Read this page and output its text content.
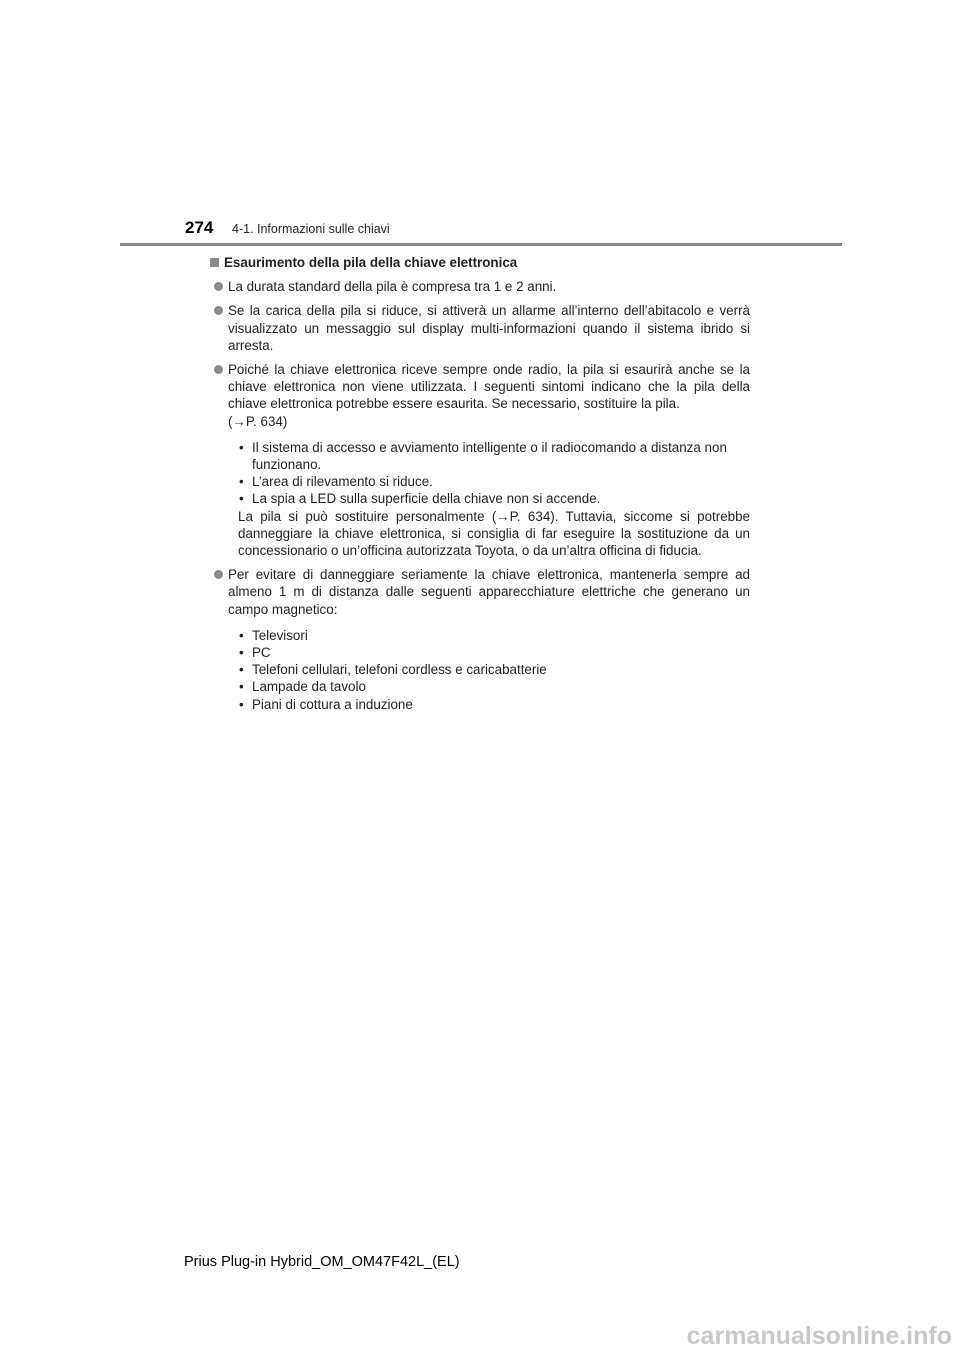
274 4-1. Informazioni sulle chiavi
Esaurimento della pila della chiave elettronica
La durata standard della pila è compresa tra 1 e 2 anni.
Se la carica della pila si riduce, si attiverà un allarme all’interno dell’abitacolo e verrà visualizzato un messaggio sul display multi-informazioni quando il sistema ibrido si arresta.
Poiché la chiave elettronica riceve sempre onde radio, la pila si esaurirà anche se la chiave elettronica non viene utilizzata. I seguenti sintomi indicano che la pila della chiave elettronica potrebbe essere esaurita. Se necessario, sostituire la pila.
(→P. 634)
• Il sistema di accesso e avviamento intelligente o il radiocomando a distanza non funzionano.
• L’area di rilevamento si riduce.
• La spia a LED sulla superficie della chiave non si accende.
La pila si può sostituire personalmente (→P. 634). Tuttavia, siccome si potrebbe danneggiare la chiave elettronica, si consiglia di far eseguire la sostituzione da un concessionario o un’officina autorizzata Toyota, o da un’altra officina di fiducia.
Per evitare di danneggiare seriamente la chiave elettronica, mantenerla sempre ad almeno 1 m di distanza dalle seguenti apparecchiature elettriche che generano un campo magnetico:
• Televisori
• PC
• Telefoni cellulari, telefoni cordless e caricabatterie
• Lampade da tavolo
• Piani di cottura a induzione
Prius Plug-in Hybrid_OM_OM47F42L_(EL)
carmanualsonline.info
